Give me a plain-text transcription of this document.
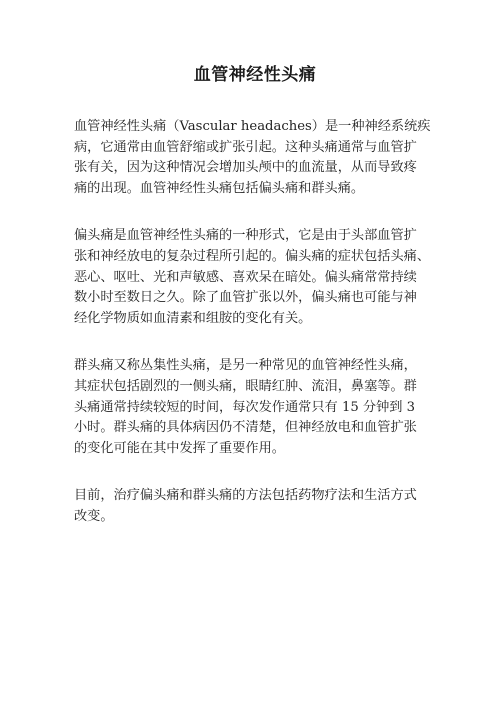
血管神经性头痛

血管神经性头痛（Vascular headaches）是一种神经系统疾
病，它通常由血管舒缩或扩张引起。这种头痛通常与血管扩
张有关，因为这种情况会增加头颅中的血流量，从而导致疼
痛的出现。血管神经性头痛包括偏头痛和群头痛。

偏头痛是血管神经性头痛的一种形式，它是由于头部血管扩
张和神经放电的复杂过程所引起的。偏头痛的症状包括头痛、
恶心、呕吐、光和声敏感、喜欢呆在暗处。偏头痛常常持续
数小时至数日之久。除了血管扩张以外，偏头痛也可能与神
经化学物质如血清素和组胺的变化有关。

群头痛又称丛集性头痛，是另一种常见的血管神经性头痛，
其症状包括剧烈的一侧头痛，眼睛红肿、流泪，鼻塞等。群
头痛通常持续较短的时间，每次发作通常只有 15 分钟到 3
小时。群头痛的具体病因仍不清楚，但神经放电和血管扩张
的变化可能在其中发挥了重要作用。

目前，治疗偏头痛和群头痛的方法包括药物疗法和生活方式
改变。
